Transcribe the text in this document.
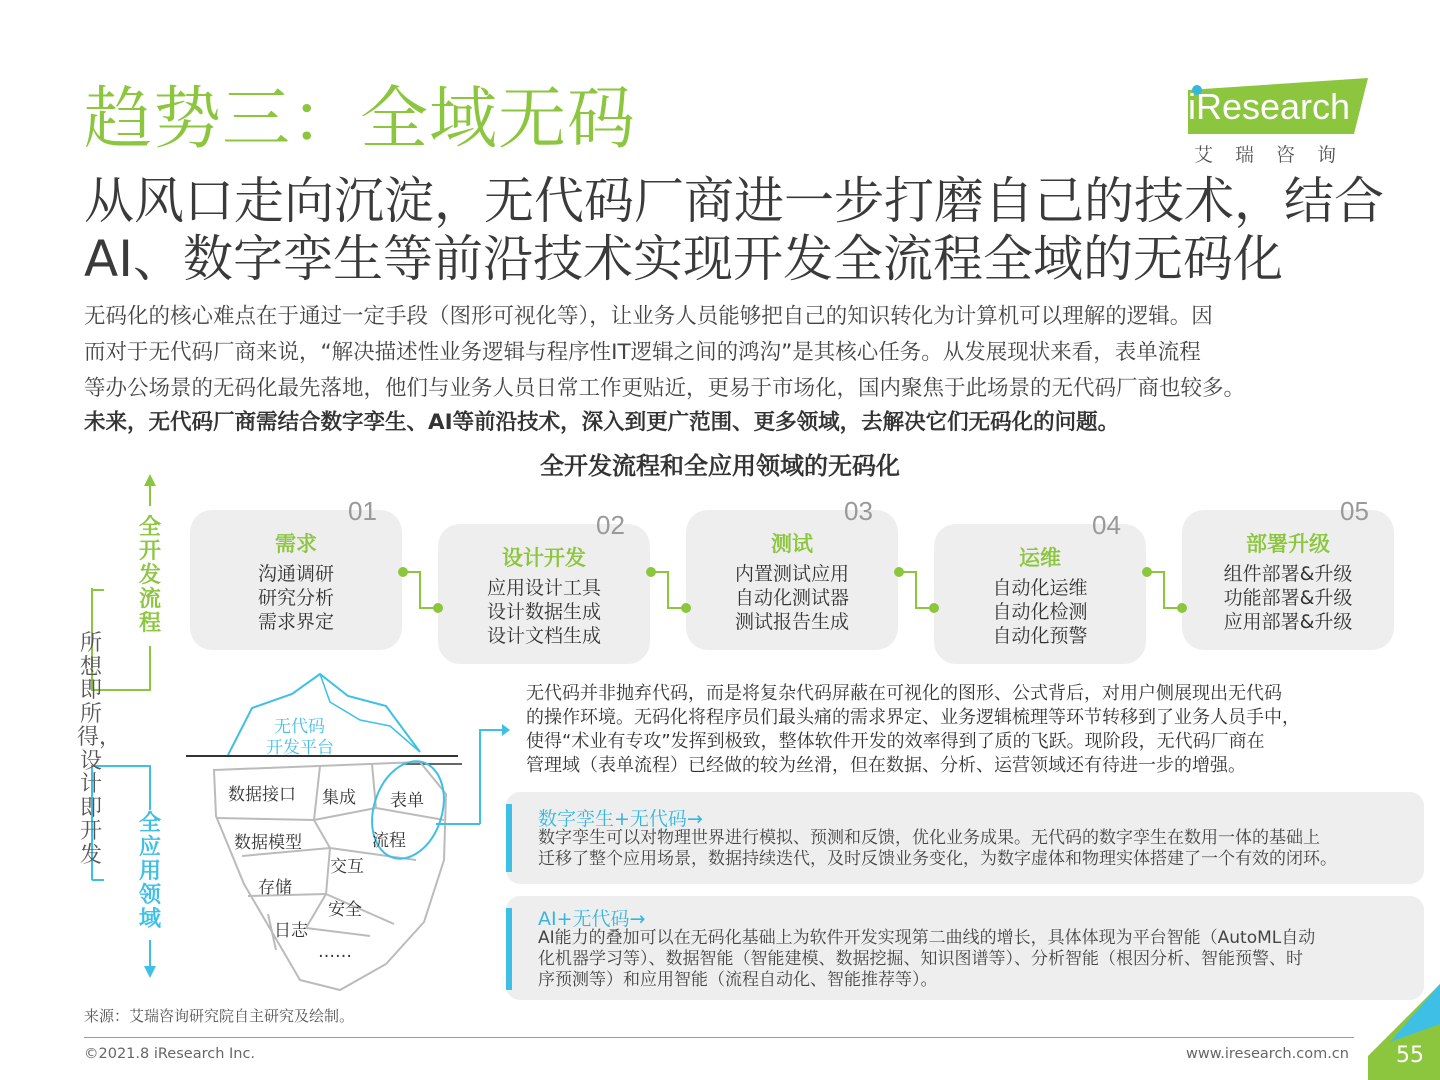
趋势三：全域无码
从风口走向沉淀，无代码厂商进一步打磨自己的技术，结合
AI、数字孪生等前沿技术实现开发全流程全域的无码化
iResearch
艾瑞咨询
无码化的核心难点在于通过一定手段（图形可视化等），让业务人员能够把自己的知识转化为计算机可以理解的逻辑。因
而对于无代码厂商来说，“解决描述性业务逻辑与程序性IT逻辑之间的鸿沟”是其核心任务。从发展现状来看，表单流程
等办公场景的无码化最先落地，他们与业务人员日常工作更贴近，更易于市场化，国内聚焦于此场景的无代码厂商也较多。
未来，无代码厂商需结合数字孪生、AI等前沿技术，深入到更广范围、更多领域，去解决它们无码化的问题。
全开发流程和全应用领域的无码化
全开发流程
全应用领域
所想即所得，设计即开发
01
需求
沟通调研
研究分析
需求界定
02
设计开发
应用设计工具
设计数据生成
设计文档生成
03
测试
内置测试应用
自动化测试器
测试报告生成
04
运维
自动化运维
自动化检测
自动化预警
05
部署升级
组件部署&升级
功能部署&升级
应用部署&升级
无代码
开发平台
数据接口 集成 表单
数据模型	流程
交互
存储
安全
日志
……
无代码并非抛弃代码，而是将复杂代码屏蔽在可视化的图形、公式背后，对用户侧展现出无代码
的操作环境。无码化将程序员们最头痛的需求界定、业务逻辑梳理等环节转移到了业务人员手中，
使得“术业有专攻”发挥到极致，整体软件开发的效率得到了质的飞跃。现阶段，无代码厂商在
管理域（表单流程）已经做的较为丝滑，但在数据、分析、运营领域还有待进一步的增强。
数字孪生+无代码→
数字孪生可以对物理世界进行模拟、预测和反馈，优化业务成果。无代码的数字孪生在数用一体的基础上
迁移了整个应用场景，数据持续迭代，及时反馈业务变化，为数字虚体和物理实体搭建了一个有效的闭环。
AI+无代码→
AI能力的叠加可以在无码化基础上为软件开发实现第二曲线的增长，具体体现为平台智能（AutoML自动
化机器学习等）、数据智能（智能建模、数据挖掘、知识图谱等）、分析智能（根因分析、智能预警、时
序预测等）和应用智能（流程自动化、智能推荐等）。
来源：艾瑞咨询研究院自主研究及绘制。
©2021.8 iResearch Inc.	www.iresearch.com.cn 55
